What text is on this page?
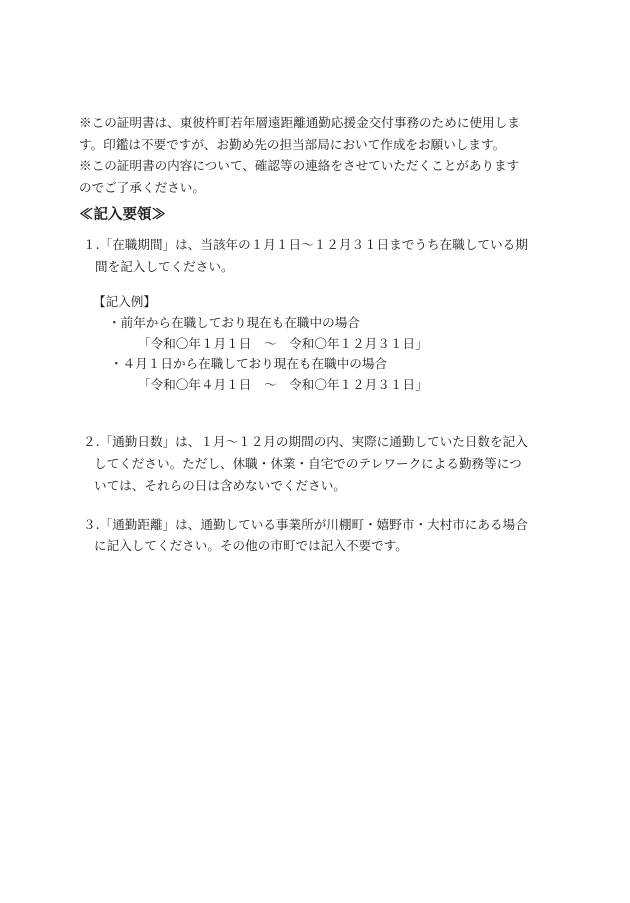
※この証明書は、東彼杵町若年層遠距離通勤応援金交付事務のために使用しま
す。印鑑は不要ですが、お勤め先の担当部局において作成をお願いします。
※この証明書の内容について、確認等の連絡をさせていただくことがあります
のでご了承ください。
≪記入要領≫
１.「在職期間」は、当該年の１月１日～１２月３１日までうち在職している期
間を記入してください。
【記入例】
・前年から在職しており現在も在職中の場合
「令和〇年１月１日　～　令和〇年１２月３１日」
・４月１日から在職しており現在も在職中の場合
「令和〇年４月１日　～　令和〇年１２月３１日」
２.「通勤日数」は、１月～１２月の期間の内、実際に通勤していた日数を記入
してください。ただし、休職・休業・自宅でのテレワークによる勤務等につ
いては、それらの日は含めないでください。
３.「通勤距離」は、通勤している事業所が川棚町・嬉野市・大村市にある場合
に記入してください。その他の市町では記入不要です。
